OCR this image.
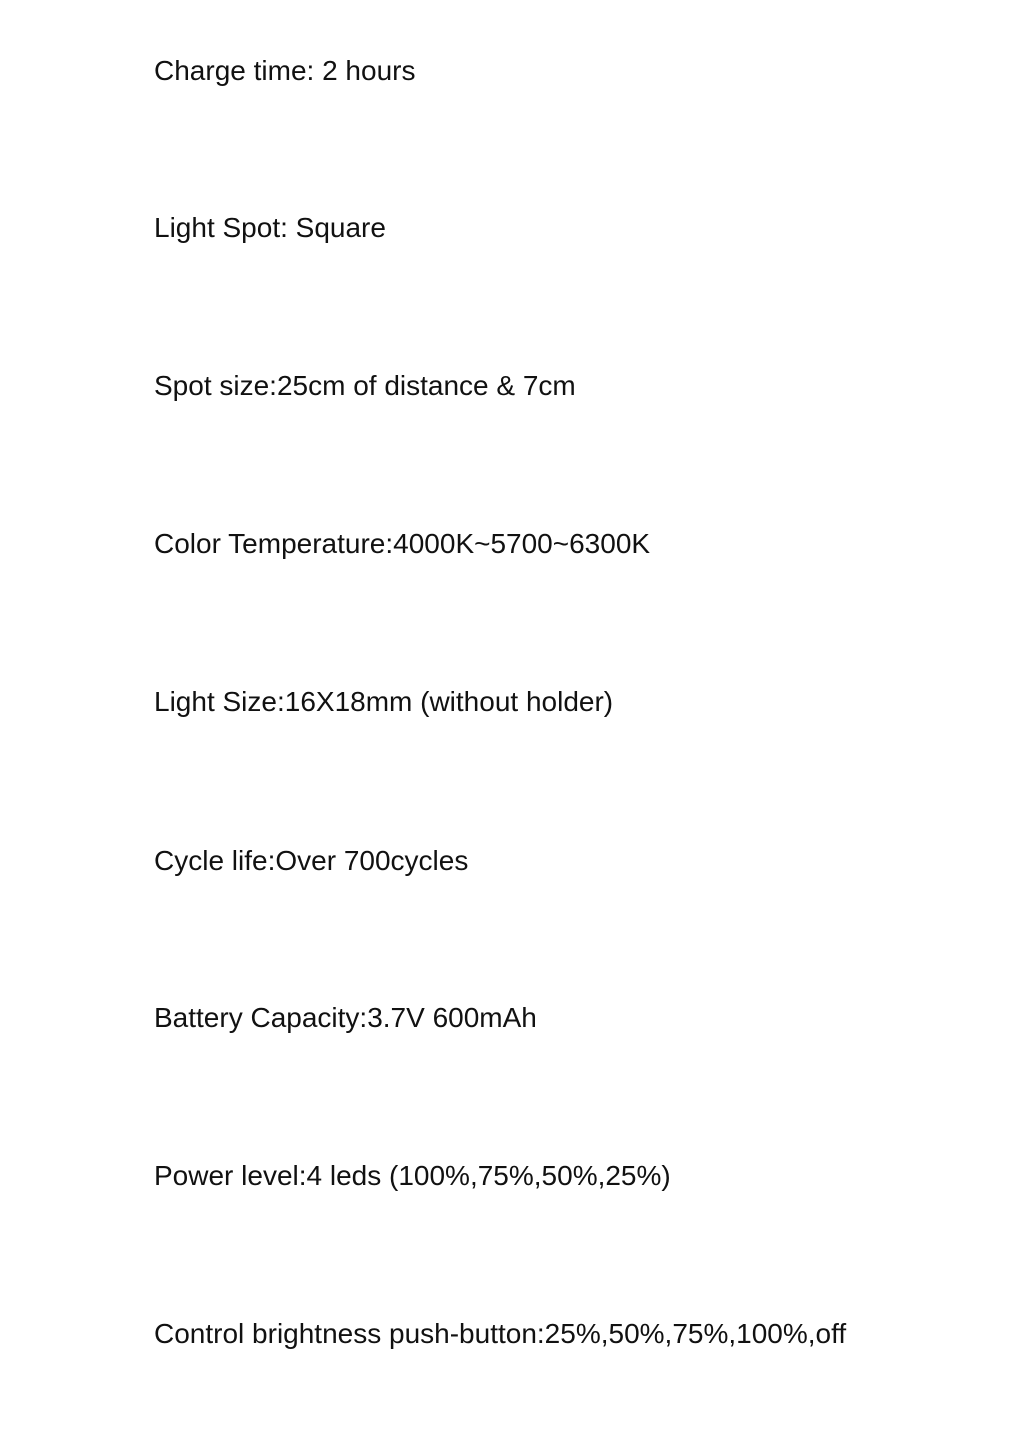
Charge time: 2 hours
Light Spot: Square
Spot size:25cm of distance & 7cm
Color Temperature:4000K~5700~6300K
Light Size:16X18mm (without holder)
Cycle life:Over 700cycles
Battery Capacity:3.7V 600mAh
Power level:4 leds (100%,75%,50%,25%)
Control brightness push-button:25%,50%,75%,100%,off
